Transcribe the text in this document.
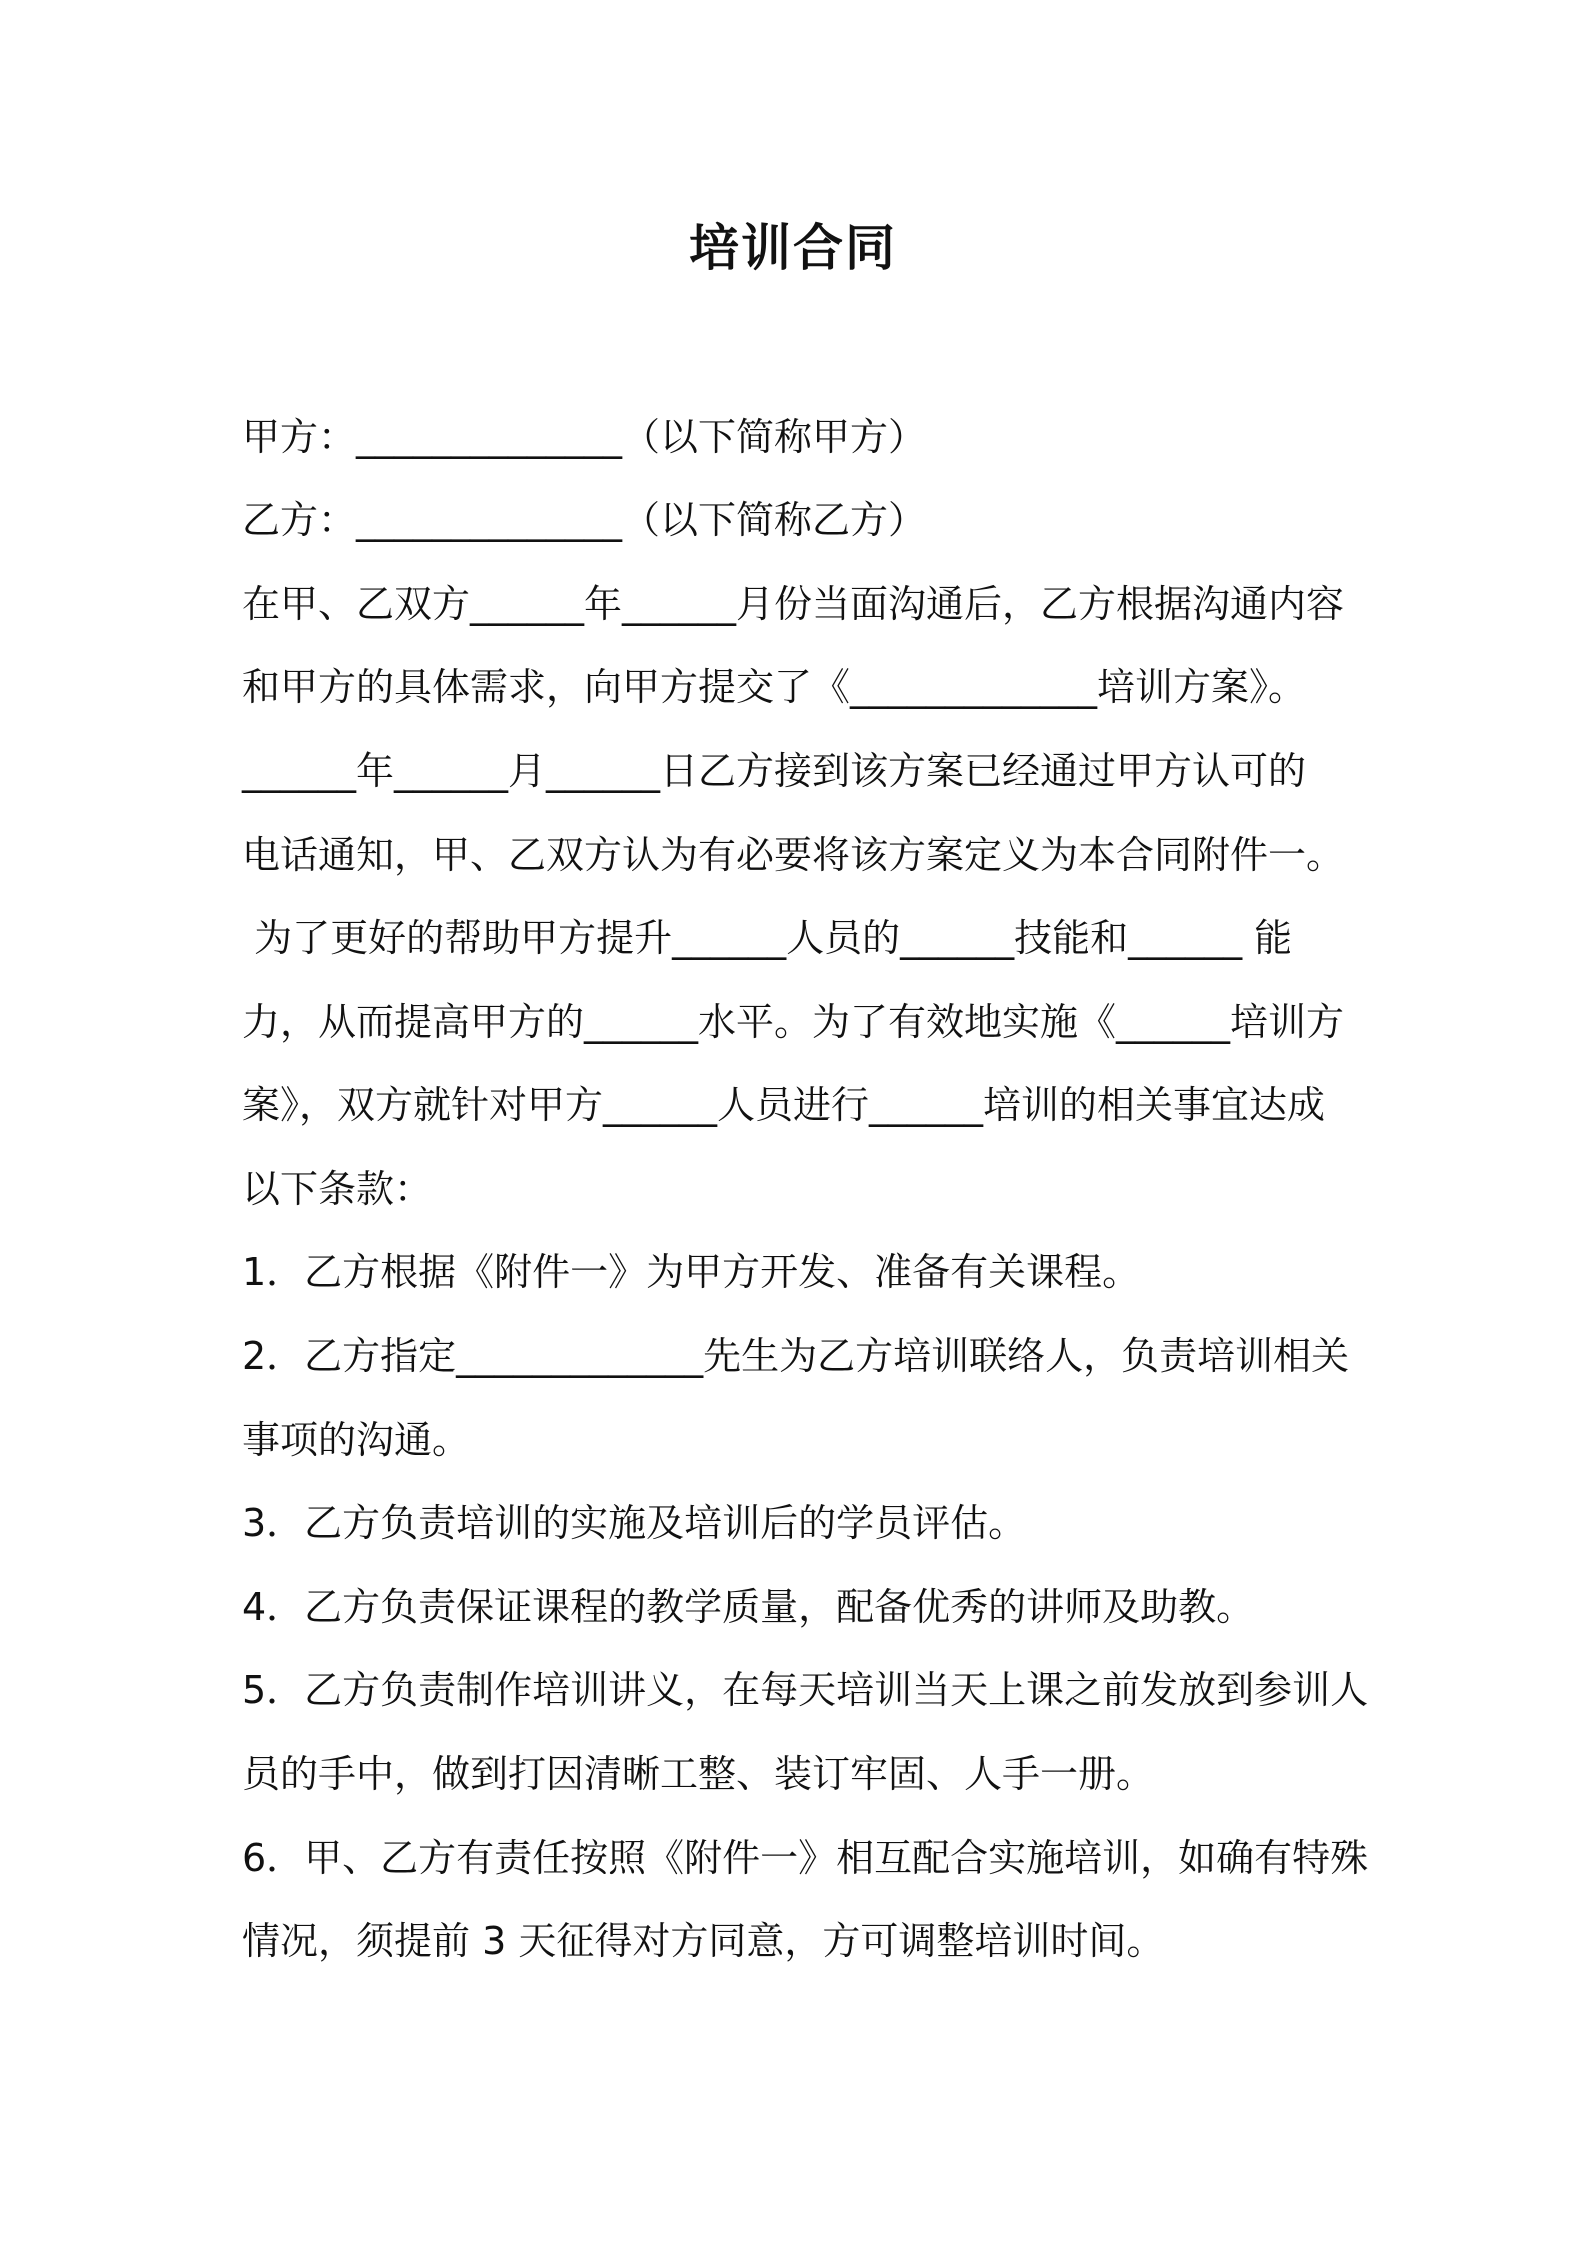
培训合同
甲方：______________（以下简称甲方）
乙方：______________（以下简称乙方）
在甲、乙双方______年______月份当面沟通后，乙方根据沟通内容
和甲方的具体需求，向甲方提交了《_____________培训方案》。
______年______月______日乙方接到该方案已经通过甲方认可的
电话通知，甲、乙双方认为有必要将该方案定义为本合同附件一。
为了更好的帮助甲方提升______人员的______技能和______ 能
力，从而提高甲方的______水平。为了有效地实施《______培训方
案》，双方就针对甲方______人员进行______培训的相关事宜达成
以下条款：
1．乙方根据《附件一》为甲方开发、准备有关课程。
2．乙方指定_____________先生为乙方培训联络人，负责培训相关
事项的沟通。
3．乙方负责培训的实施及培训后的学员评估。
4．乙方负责保证课程的教学质量，配备优秀的讲师及助教。
5．乙方负责制作培训讲义，在每天培训当天上课之前发放到参训人
员的手中，做到打因清晰工整、装订牢固、人手一册。
6．甲、乙方有责任按照《附件一》相互配合实施培训，如确有特殊
情况，须提前 3 天征得对方同意，方可调整培训时间。
